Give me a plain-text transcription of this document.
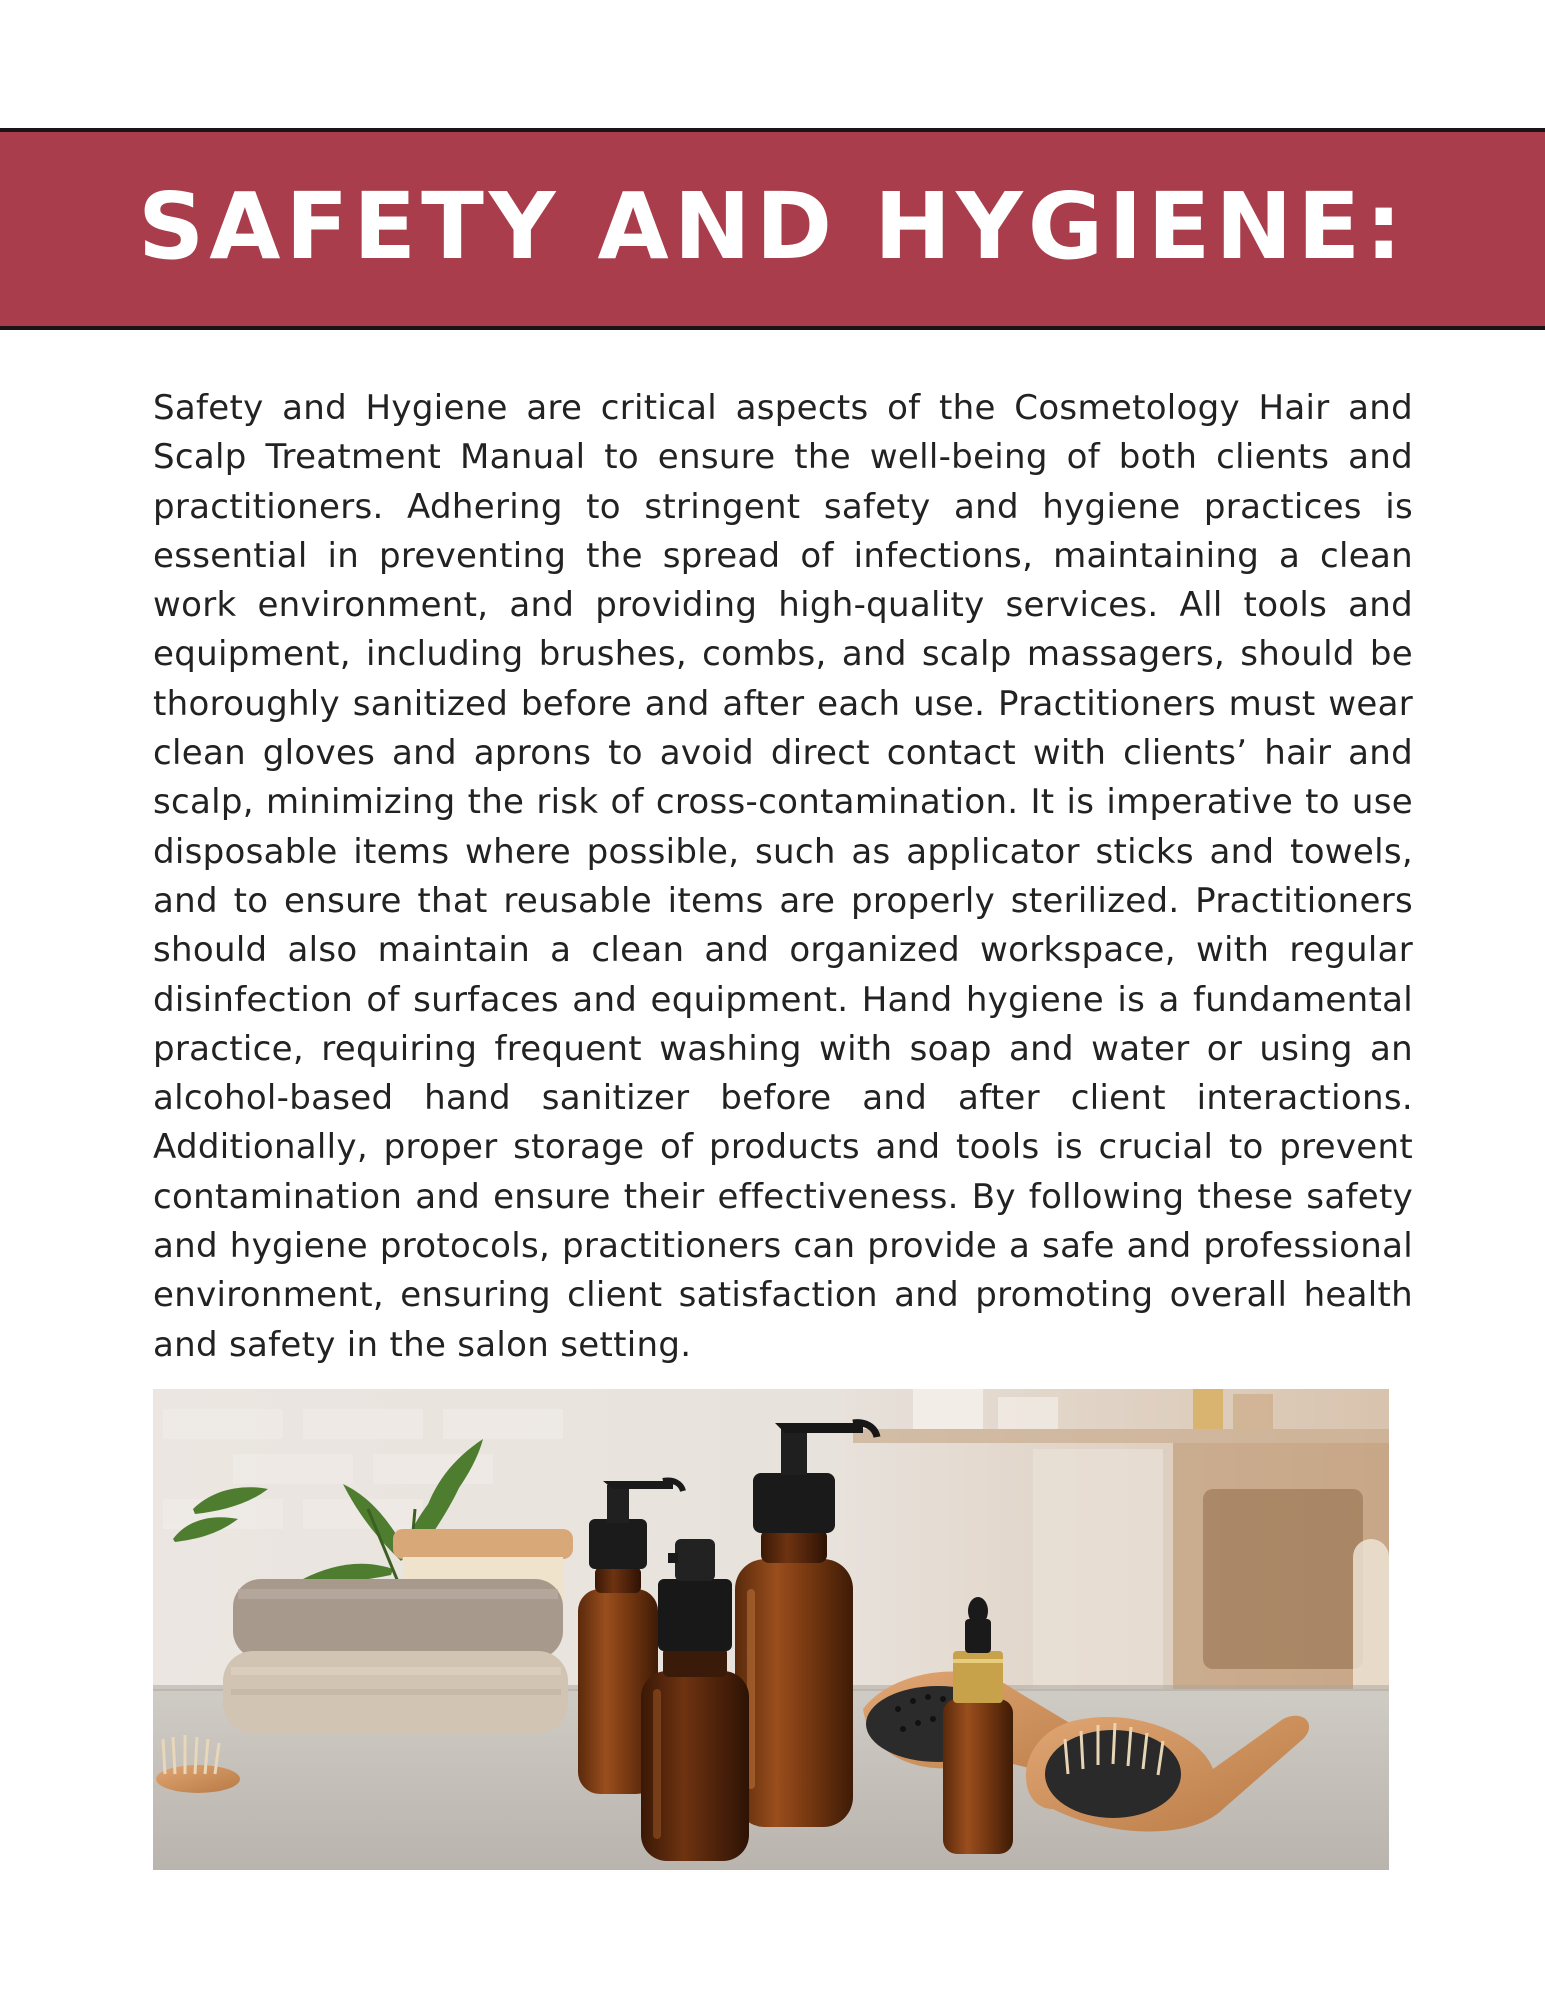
SAFETY AND HYGIENE:

Safety and Hygiene are critical aspects of the Cosmetology Hair and Scalp Treatment Manual to ensure the well-being of both clients and practitioners. Adhering to stringent safety and hygiene practices is essential in preventing the spread of infections, maintaining a clean work environment, and providing high-quality services. All tools and equipment, including brushes, combs, and scalp massagers, should be thoroughly sanitized before and after each use. Practitioners must wear clean gloves and aprons to avoid direct contact with clients’ hair and scalp, minimizing the risk of cross-contamination. It is imperative to use disposable items where possible, such as applicator sticks and towels, and to ensure that reusable items are properly sterilized. Practitioners should also maintain a clean and organized workspace, with regular disinfection of surfaces and equipment. Hand hygiene is a fundamental practice, requiring frequent washing with soap and water or using an alcohol-based hand sanitizer before and after client interactions. Additionally, proper storage of products and tools is crucial to prevent contamination and ensure their effectiveness. By following these safety and hygiene protocols, practitioners can provide a safe and professional environment, ensuring client satisfaction and promoting overall health and safety in the salon setting.
